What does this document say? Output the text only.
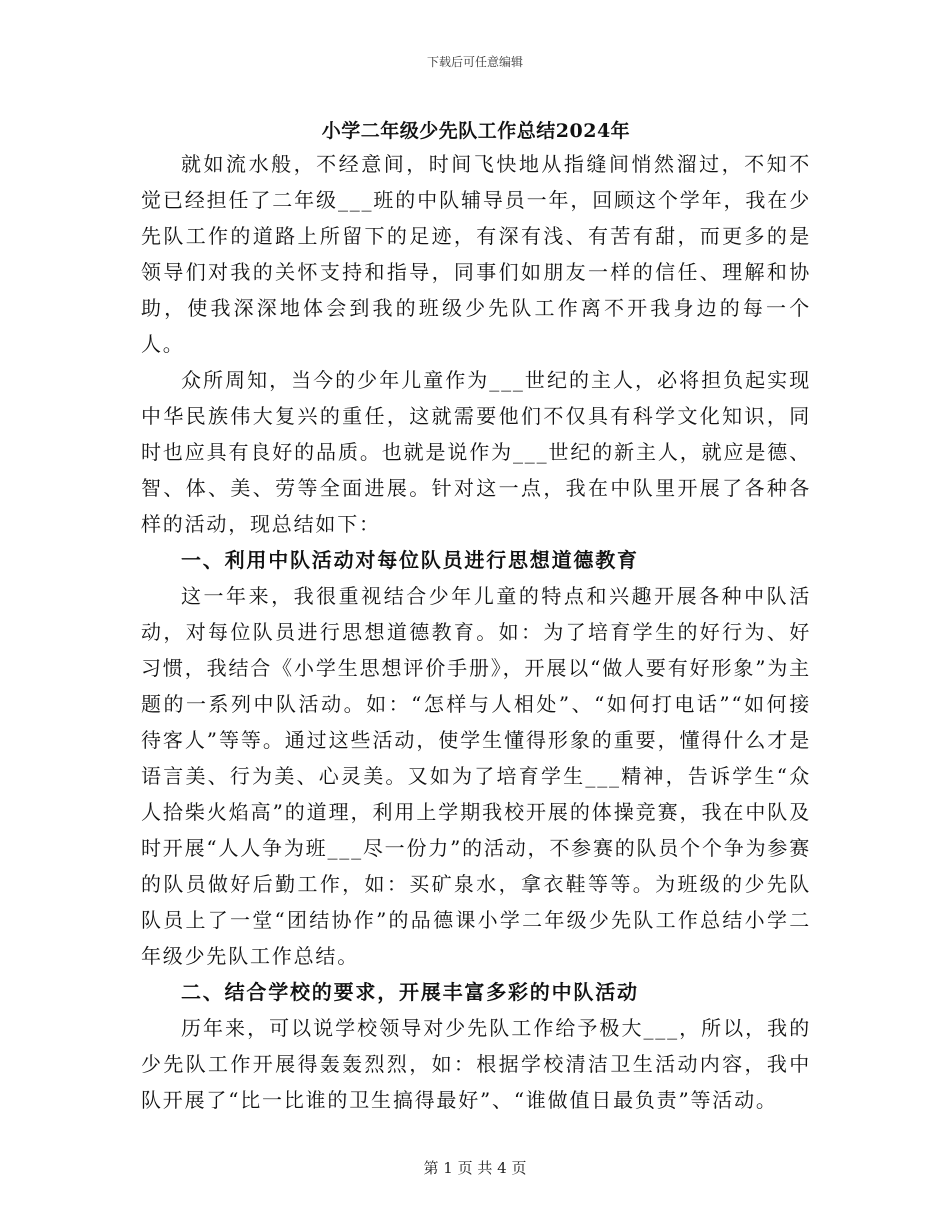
下载后可任意编辑
小学二年级少先队工作总结2024年

就如流水般，不经意间，时间飞快地从指缝间悄然溜过，不知不觉已经担任了二年级___班的中队辅导员一年，回顾这个学年，我在少先队工作的道路上所留下的足迹，有深有浅、有苦有甜，而更多的是领导们对我的关怀支持和指导，同事们如朋友一样的信任、理解和协助，使我深深地体会到我的班级少先队工作离不开我身边的每一个人。

众所周知，当今的少年儿童作为___世纪的主人，必将担负起实现中华民族伟大复兴的重任，这就需要他们不仅具有科学文化知识，同时也应具有良好的品质。也就是说作为___世纪的新主人，就应是德、智、体、美、劳等全面进展。针对这一点，我在中队里开展了各种各样的活动，现总结如下：

一、利用中队活动对每位队员进行思想道德教育

这一年来，我很重视结合少年儿童的特点和兴趣开展各种中队活动，对每位队员进行思想道德教育。如：为了培育学生的好行为、好习惯，我结合《小学生思想评价手册》，开展以“做人要有好形象”为主题的一系列中队活动。如：“怎样与人相处”、“如何打电话”“如何接待客人”等等。通过这些活动，使学生懂得形象的重要，懂得什么才是语言美、行为美、心灵美。又如为了培育学生___精神，告诉学生“众人拾柴火焰高”的道理，利用上学期我校开展的体操竞赛，我在中队及时开展“人人争为班___尽一份力”的活动，不参赛的队员个个争为参赛的队员做好后勤工作，如：买矿泉水，拿衣鞋等等。为班级的少先队队员上了一堂“团结协作”的品德课小学二年级少先队工作总结小学二年级少先队工作总结。

二、结合学校的要求，开展丰富多彩的中队活动

历年来，可以说学校领导对少先队工作给予极大___，所以，我的少先队工作开展得轰轰烈烈，如：根据学校清洁卫生活动内容，我中队开展了“比一比谁的卫生搞得最好”、“谁做值日最负责”等活动。

第 1 页 共 4 页
